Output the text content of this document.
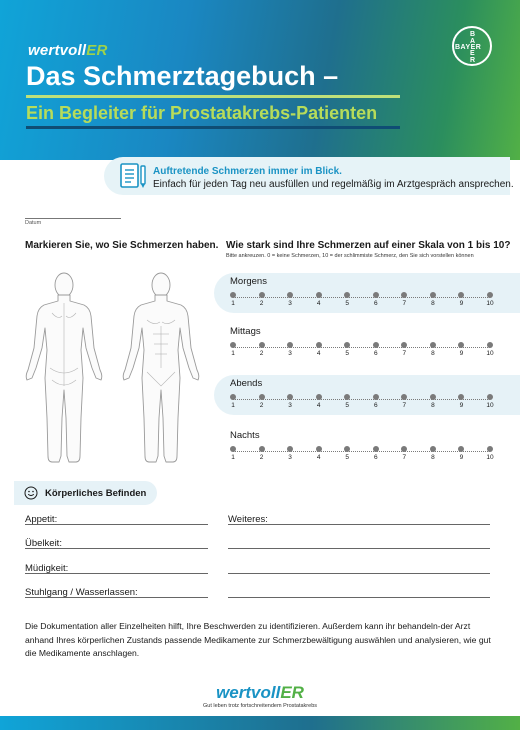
wertvollER
Das Schmerztagebuch –
Ein Begleiter für Prostatakrebs-Patienten
B
A
BAYER
E
R
Auftretende Schmerzen immer im Blick.
Einfach für jeden Tag neu ausfüllen und regelmäßig im Arztgespräch ansprechen.
Datum
Markieren Sie, wo Sie Schmerzen haben. Wie stark sind Ihre Schmerzen auf einer Skala von 1 bis 10?
Bitte ankreuzen. 0 = keine Schmerzen, 10 = der schlimmiste Schmerz, den Sie sich vorstellen können
Morgens
1	2	3	4	5	6	7	8	9	10
Mittags
1	2	3	4	5	6	7	8	9	10
Abends
1	2	3	4	5	6	7	8	9	10
Nachts
1	2	3	4	5	6	7	8	9	10
Körperliches Befinden
Appetit:	Weiteres:
Übelkeit:
Müdigkeit:
Stuhlgang / Wasserlassen:
Die Dokumentation aller Einzelheiten hilft, Ihre Beschwerden zu identifizieren. Außerdem kann ihr behandeln-der Arzt anhand Ihres körperlichen Zustands passende Medikamente zur Schmerzbewältigung auswählen und analysieren, wie gut die Medikamente anschlagen.
wertvollER
Gut leben trotz fortschreitendem Prostatakrebs
